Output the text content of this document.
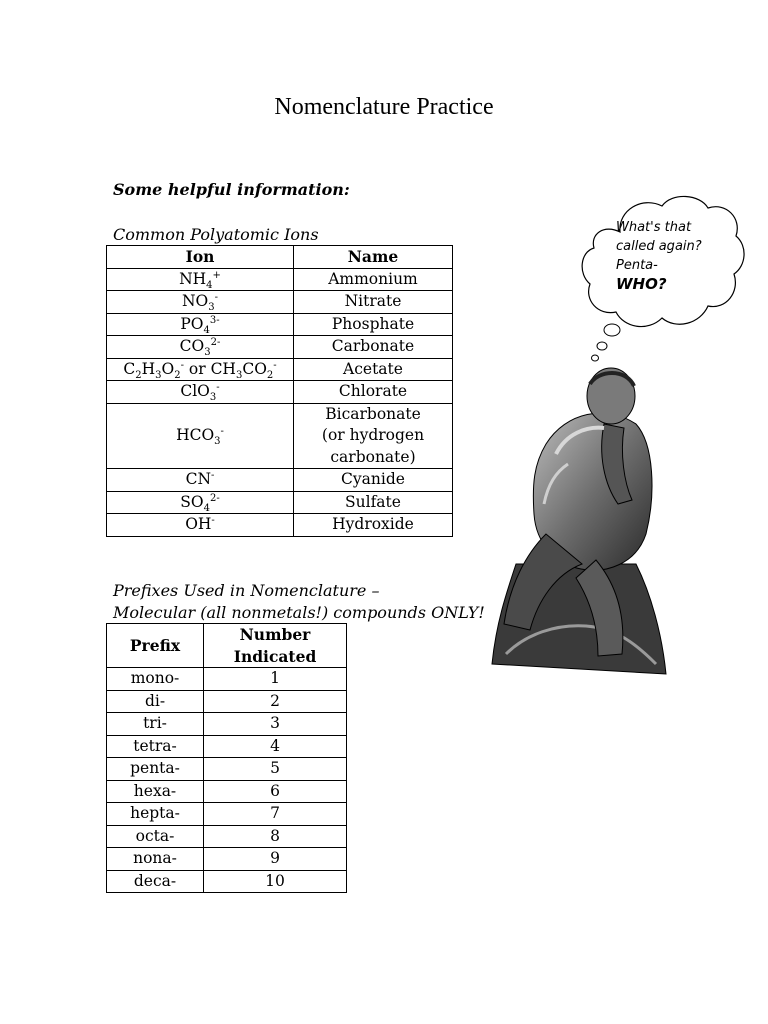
Nomenclature Practice
Some helpful information:
Common Polyatomic Ions
Ion	Name
$NH_4^+$	Ammonium
$NO_3^-$	Nitrate
$PO_4^{3-}$	Phosphate
$CO_3^{2-}$	Carbonate
$C_2H_3O_2^-$ or $CH_3CO_2^-$	Acetate
ClO$_3$-	Chlorate
$HCO_3^-$	Bicarbonate
(or hydrogen
carbonate)

CN-	Cyanide
$SO_4^{2-}$	Sulfate
OH-	Hydroxide
Prefixes Used in Nomenclature –
Molecular (all nonmetals!) compounds ONLY!
Prefix	Number
Indicated
mono-	1
di-	2
tri-	3
tetra-	4
penta-	5
hexa-	6
hepta-	7
octa-	8
nona-	9
deca-	10
What's that
called again?
Penta-
WHO?
